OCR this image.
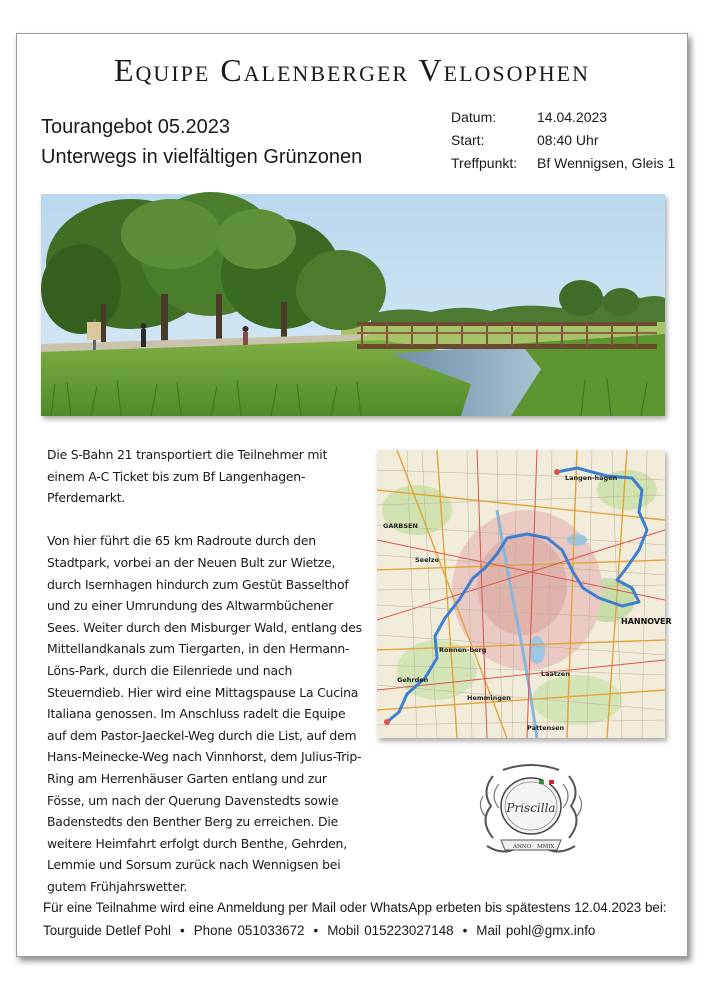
Equipe Calenberger Velosophen
Tourangebot 05.2023
Unterwegs in vielfältigen Grünzonen
Datum:	14.04.2023
Start:	08:40 Uhr
Treffpunkt:	Bf Wennigsen, Gleis 1

Die S-Bahn 21 transportiert die Teilnehmer mit einem A-C Ticket bis zum Bf Langenhagen-Pferdemarkt.

Von hier führt die 65 km Radroute durch den Stadtpark, vorbei an der Neuen Bult zur Wietze, durch Isernhagen hindurch zum Gestüt Basselthof und zu einer Umrundung des Altwarmbüchener Sees. Weiter durch den Misburger Wald, entlang des Mittellandkanals zum Tiergarten, in den Hermann-Löns-Park, durch die Eilenriede und nach Steuerndieb. Hier wird eine Mittagspause La Cucina Italiana genossen. Im Anschluss radelt die Equipe auf dem Pastor-Jaeckel-Weg durch die List, auf dem Hans-Meinecke-Weg nach Vinnhorst, dem Julius-Trip-Ring am Herrenhäuser Garten entlang und zur Fösse, um nach der Querung Davenstedts sowie Badenstedts den Benther Berg zu erreichen. Die weitere Heimfahrt erfolgt durch Benthe, Gehrden, Lemmie und Sorsum zurück nach Wennigsen bei gutem Frühjahrswetter.

GARBSEN
HANNOVER
Langen-hagen
Ronnen-berg
Gehrden
Seelze
Laatzen
Pattensen
Hemmingen
Priscilla
ANNO MMIX
Für eine Teilnahme wird eine Anmeldung per Mail oder WhatsApp erbeten bis spätestens 12.04.2023 bei:
Tourguide Detlef Pohl • Phone 051033672 • Mobil 015223027148 • Mail pohl@gmx.info
